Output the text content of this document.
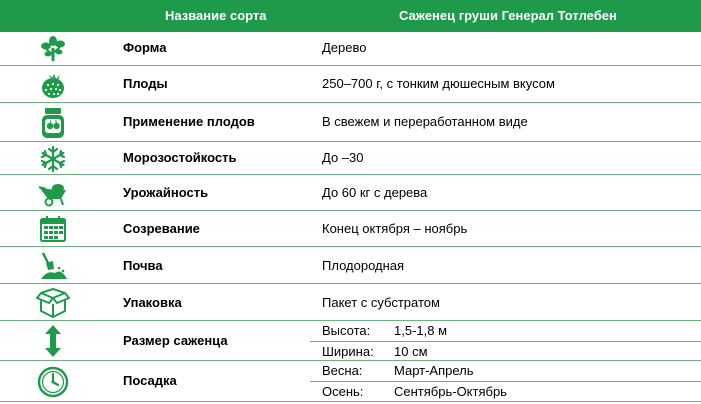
Название сорта	Саженец груши Генерал Тотлебен
Форма	Дерево
Плоды	250–700 г, с тонким дюшесным вкусом
Применение плодов	В свежем и переработанном виде
Морозостойкость	До –30
Урожайность	До 60 кг с дерева
Созревание	Конец октября – ноябрь
Почва	Плодородная
Упаковка	Пакет с субстратом
Размер саженца
Высота: 1,5-1,8 м
Ширина: 10 см
Посадка
Весна: Март-Апрель
Осень: Сентябрь-Октябрь
